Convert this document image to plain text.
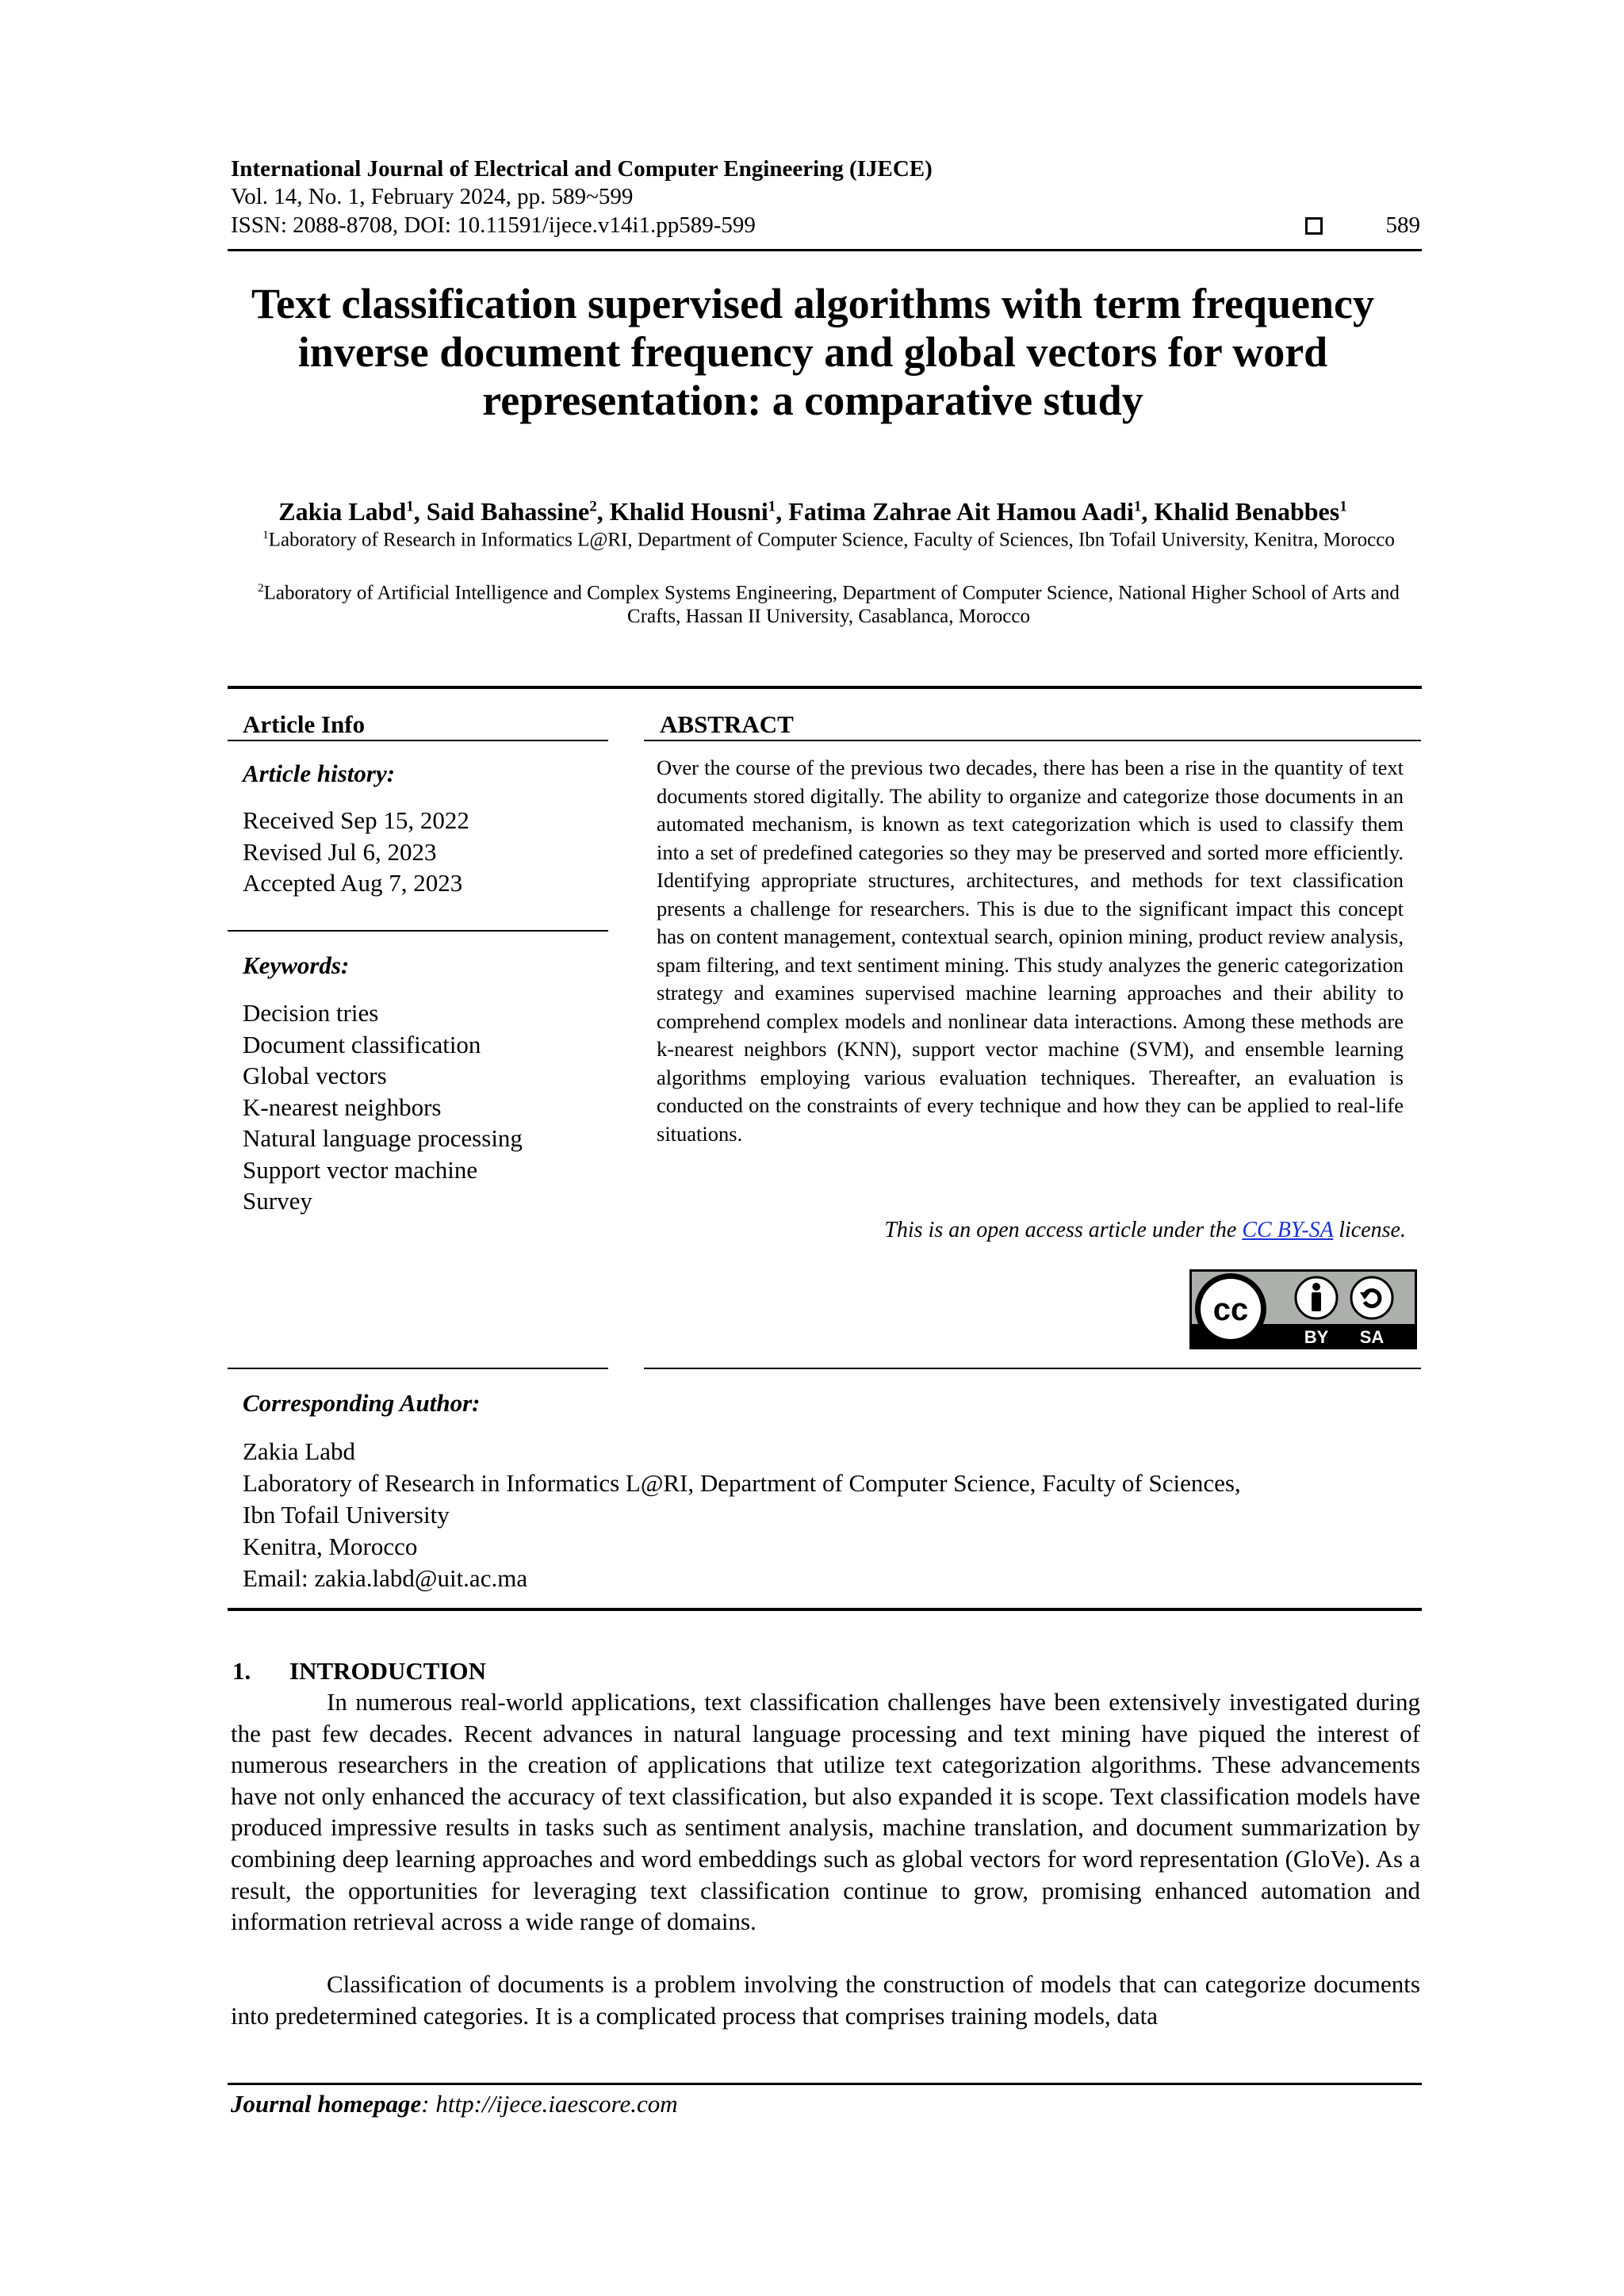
International Journal of Electrical and Computer Engineering (IJECE)
Vol. 14, No. 1, February 2024, pp. 589~599
ISSN: 2088-8708, DOI: 10.11591/ijece.v14i1.pp589-599	589
Text classification supervised algorithms with term frequency inverse document frequency and global vectors for word representation: a comparative study
Zakia Labd$^1$, Said Bahassine$^2$, Khalid Housni$^1$, Fatima Zahrae Ait Hamou Aadi$^1$, Khalid Benabbes$^1$
$^1$Laboratory of Research in Informatics L@RI, Department of Computer Science, Faculty of Sciences, Ibn Tofail University, Kenitra, Morocco
$^2$Laboratory of Artificial Intelligence and Complex Systems Engineering, Department of Computer Science, National Higher School of Arts and Crafts, Hassan II University, Casablanca, Morocco
Article Info
Article history:
Received Sep 15, 2022
Revised Jul 6, 2023
Accepted Aug 7, 2023
Keywords:
Decision tries
Document classification
Global vectors
K-nearest neighbors
Natural language processing
Support vector machine
Survey
ABSTRACT
Over the course of the previous two decades, there has been a rise in the quantity of text documents stored digitally. The ability to organize and categorize those documents in an automated mechanism, is known as text categorization which is used to classify them into a set of predefined categories so they may be preserved and sorted more efficiently. Identifying appropriate structures, architectures, and methods for text classification presents a challenge for researchers. This is due to the significant impact this concept has on content management, contextual search, opinion mining, product review analysis, spam filtering, and text sentiment mining. This study analyzes the generic categorization strategy and examines supervised machine learning approaches and their ability to comprehend complex models and nonlinear data interactions. Among these methods are k-nearest neighbors (KNN), support vector machine (SVM), and ensemble learning algorithms employing various evaluation techniques. Thereafter, an evaluation is conducted on the constraints of every technique and how they can be applied to real-life situations.
This is an open access article under the CC BY-SA license.
cc
BY SA
Corresponding Author:
Zakia Labd
Laboratory of Research in Informatics L@RI, Department of Computer Science, Faculty of Sciences,
Ibn Tofail University
Kenitra, Morocco
Email: zakia.labd@uit.ac.ma
1. INTRODUCTION
In numerous real-world applications, text classification challenges have been extensively investigated during the past few decades. Recent advances in natural language processing and text mining have piqued the interest of numerous researchers in the creation of applications that utilize text categorization algorithms. These advancements have not only enhanced the accuracy of text classification, but also expanded it is scope. Text classification models have produced impressive results in tasks such as sentiment analysis, machine translation, and document summarization by combining deep learning approaches and word embeddings such as global vectors for word representation (GloVe). As a result, the opportunities for leveraging text classification continue to grow, promising enhanced automation and information retrieval across a wide range of domains.
Classification of documents is a problem involving the construction of models that can categorize documents into predetermined categories. It is a complicated process that comprises training models, data
Journal homepage: http://ijece.iaescore.com
